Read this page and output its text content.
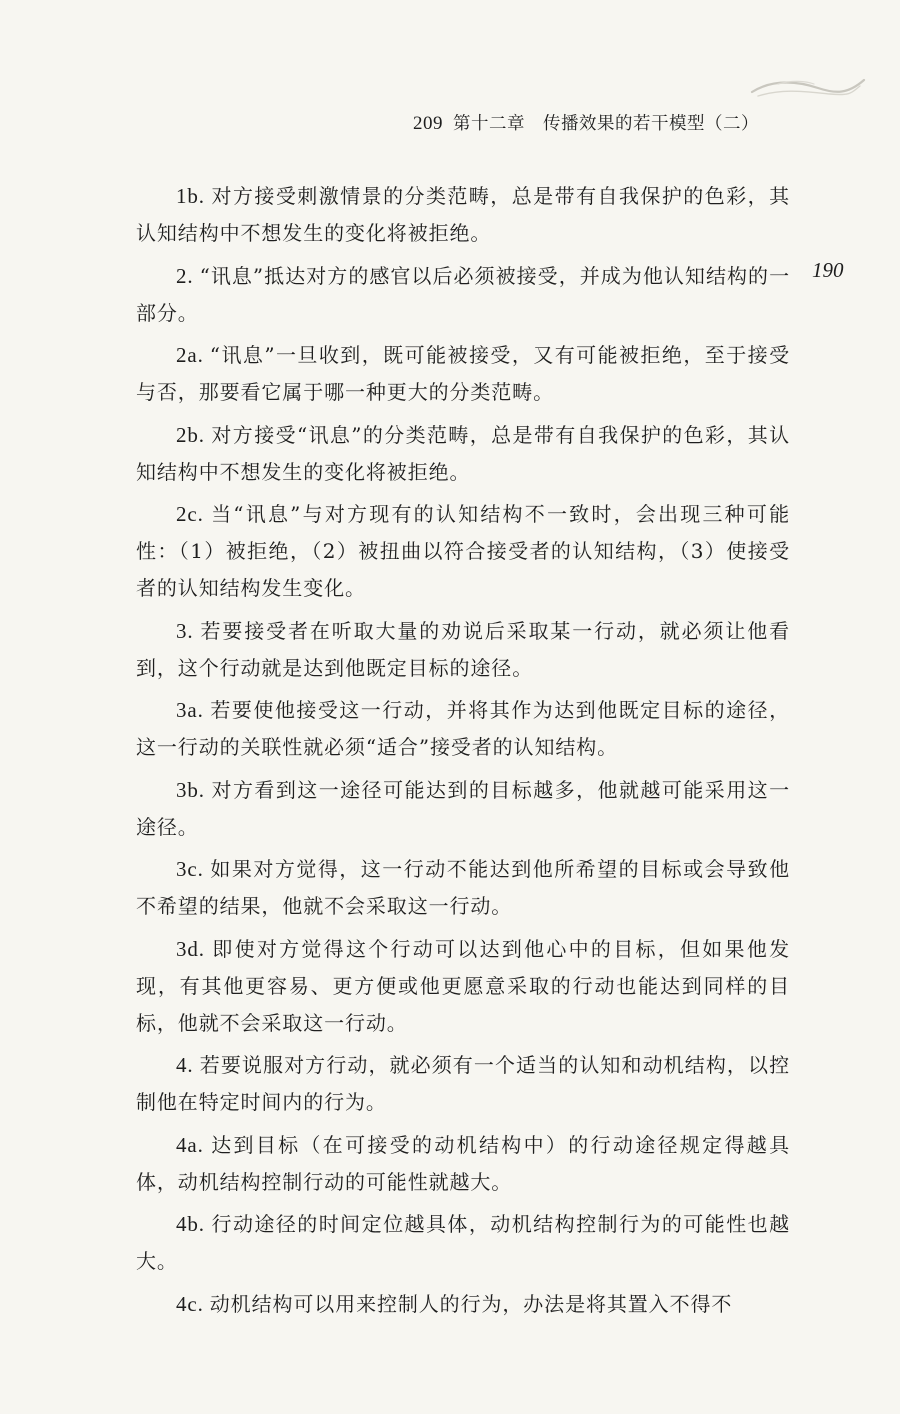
209 第十二章　传播效果的若干模型（二）
190

1b. 对方接受刺激情景的分类范畴，总是带有自我保护的色彩，其认知结构中不想发生的变化将被拒绝。

2. “讯息”抵达对方的感官以后必须被接受，并成为他认知结构的一部分。

2a. “讯息”一旦收到，既可能被接受，又有可能被拒绝，至于接受与否，那要看它属于哪一种更大的分类范畴。

2b. 对方接受“讯息”的分类范畴，总是带有自我保护的色彩，其认知结构中不想发生的变化将被拒绝。

2c. 当“讯息”与对方现有的认知结构不一致时，会出现三种可能性：（1）被拒绝，（2）被扭曲以符合接受者的认知结构，（3）使接受者的认知结构发生变化。

3. 若要接受者在听取大量的劝说后采取某一行动，就必须让他看到，这个行动就是达到他既定目标的途径。

3a. 若要使他接受这一行动，并将其作为达到他既定目标的途径，这一行动的关联性就必须“适合”接受者的认知结构。

3b. 对方看到这一途径可能达到的目标越多，他就越可能采用这一途径。

3c. 如果对方觉得，这一行动不能达到他所希望的目标或会导致他不希望的结果，他就不会采取这一行动。

3d. 即使对方觉得这个行动可以达到他心中的目标，但如果他发现，有其他更容易、更方便或他更愿意采取的行动也能达到同样的目标，他就不会采取这一行动。

4. 若要说服对方行动，就必须有一个适当的认知和动机结构，以控制他在特定时间内的行为。

4a. 达到目标（在可接受的动机结构中）的行动途径规定得越具体，动机结构控制行动的可能性就越大。

4b. 行动途径的时间定位越具体，动机结构控制行为的可能性也越大。

4c. 动机结构可以用来控制人的行为，办法是将其置入不得不
